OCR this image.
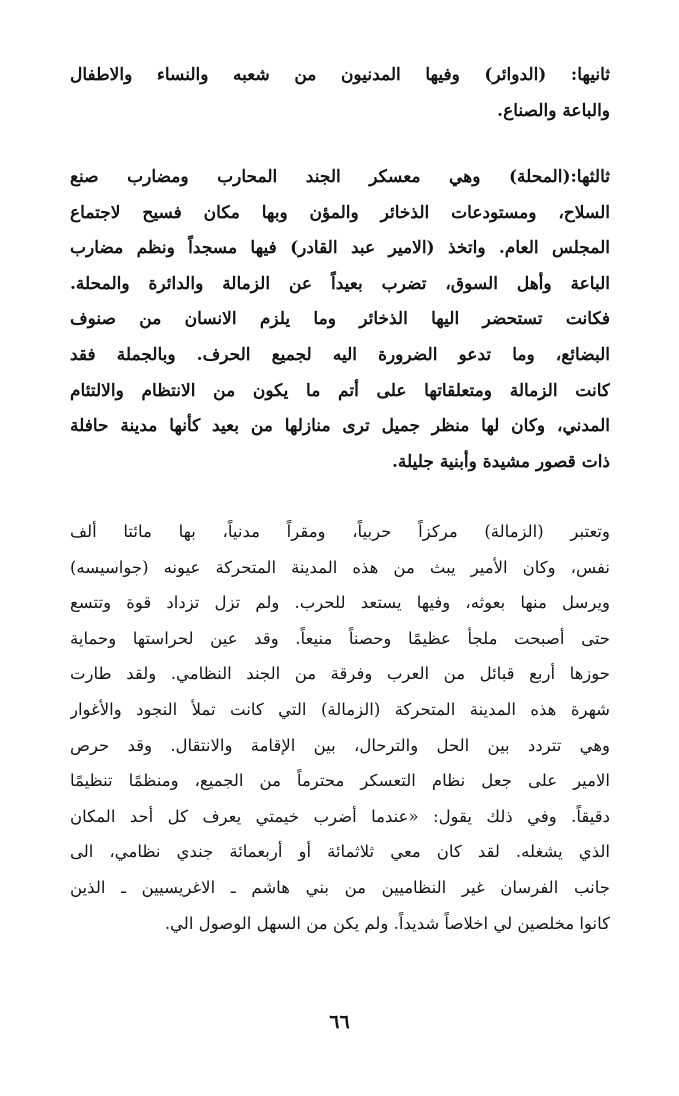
ثانيها: (الدوائر) وفيها المدنيون من شعبه والنساء والاطفال
والباعة والصناع.
ثالثها:(المحلة) وهي معسكر الجند المحارب ومضارب صنع
السلاح، ومستودعات الذخائر والمؤن وبها مكان فسيح لاجتماع
المجلس العام. واتخذ (الامير عبد القادر) فيها مسجداً ونظم مضارب
الباعة وأهل السوق، تضرب بعيداً عن الزمالة والدائرة والمحلة.
فكانت تستحضر اليها الذخائر وما يلزم الانسان من صنوف
البضائع، وما تدعو الضرورة اليه لجميع الحرف. وبالجملة فقد
كانت الزمالة ومتعلقاتها على أتم ما يكون من الانتظام والالتئام
المدني، وكان لها منظر جميل ترى منازلها من بعيد كأنها مدينة حافلة
ذات قصور مشيدة وأبنية جليلة.
وتعتبر (الزمالة) مركزاً حربياً، ومقراً مدنياً، بها مائتا ألف
نفس، وكان الأمير يبث من هذه المدينة المتحركة عيونه (جواسيسه)
ويرسل منها بعوثه، وفيها يستعد للحرب. ولم تزل تزداد قوة وتتسع
حتى أصبحت ملجأ عظيمًا وحصناً منيعاً. وقد عين لحراستها وحماية
حوزها أربع قبائل من العرب وفرقة من الجند النظامي. ولقد طارت
شهرة هذه المدينة المتحركة (الزمالة) التي كانت تملأ النجود والأغوار
وهي تتردد بين الحل والترحال، بين الإقامة والانتقال. وقد حرص
الامير على جعل نظام التعسكر محترماً من الجميع، ومنظمًا تنظيمًا
دقيقاً. وفي ذلك يقول: «عندما أضرب خيمتي يعرف كل أحد المكان
الذي يشغله. لقد كان معي ثلاثمائة أو أربعمائة جندي نظامي، الى
جانب الفرسان غير النظاميين من بني هاشم ـ الاغريسيين ـ الذين
كانوا مخلصين لي اخلاصاً شديداً. ولم يكن من السهل الوصول الي.
٦٦
